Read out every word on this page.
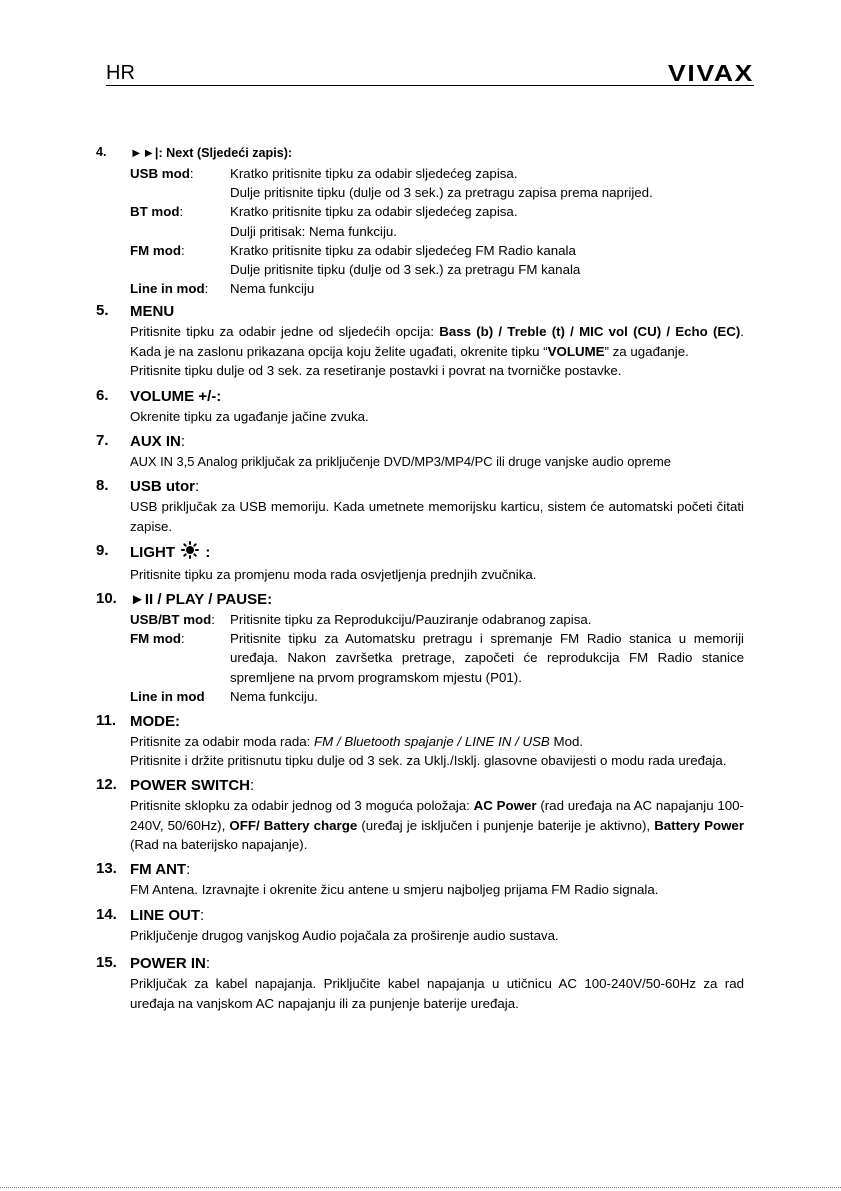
HR	VIVAX
4. ►►|: Next (Sljedeći zapis):
USB mod:	Kratko pritisnite tipku za odabir sljedećeg zapisa.
Dulje pritisnite tipku (dulje od 3 sek.) za pretragu zapisa prema naprijed.
BT mod:	Kratko pritisnite tipku za odabir sljedećeg zapisa.
Dulji pritisak: Nema funkciju.
FM mod:	Kratko pritisnite tipku za odabir sljedećeg FM Radio kanala
Dulje pritisnite tipku (dulje od 3 sek.) za pretragu FM kanala
Line in mod:	Nema funkciju
5. MENU
Pritisnite tipku za odabir jedne od sljedećih opcija: Bass (b) / Treble (t) / MIC vol (CU) / Echo (EC). Kada je na zaslonu prikazana opcija koju želite ugađati, okrenite tipku “VOLUME” za ugađanje.
Pritisnite tipku dulje od 3 sek. za resetiranje postavki i povrat na tvorničke postavke.
6. VOLUME +/-:
Okrenite tipku za ugađanje jačine zvuka.
7. AUX IN:
AUX IN 3,5 Analog priključak za priključenje DVD/MP3/MP4/PC ili druge vanjske audio opreme
8. USB utor:
USB priključak za USB memoriju. Kada umetnete memorijsku karticu, sistem će automatski početi čitati zapise.
9. LIGHT  :
Pritisnite tipku za promjenu moda rada osvjetljenja prednjih zvučnika.
10. ►II / PLAY / PAUSE:
USB/BT mod:	Pritisnite tipku za Reprodukciju/Pauziranje odabranog zapisa.
FM mod:	Pritisnite tipku za Automatsku pretragu i spremanje FM Radio stanica u memoriji uređaja. Nakon završetka pretrage, započeti će reprodukcija FM Radio stanice spremljene na prvom programskom mjestu (P01).
Line in mod	Nema funkciju.
11. MODE:
Pritisnite za odabir moda rada: FM / Bluetooth spajanje / LINE IN / USB Mod.
Pritisnite i držite pritisnutu tipku dulje od 3 sek. za Uklj./Isklj. glasovne obavijesti o modu rada uređaja.
12. POWER SWITCH:
Pritisnite sklopku za odabir jednog od 3 moguća položaja: AC Power (rad uređaja na AC napajanju 100-240V, 50/60Hz), OFF/ Battery charge (uređaj je isključen i punjenje baterije je aktivno), Battery Power (Rad na baterijsko napajanje).
13. FM ANT:
FM Antena. Izravnajte i okrenite žicu antene u smjeru najboljeg prijama FM Radio signala.
14. LINE OUT:
Priključenje drugog vanjskog Audio pojačala za proširenje audio sustava.
15. POWER IN:
Priključak za kabel napajanja. Priključite kabel napajanja u utičnicu AC 100-240V/50-60Hz za rad uređaja na vanjskom AC napajanju ili za punjenje baterije uređaja.
